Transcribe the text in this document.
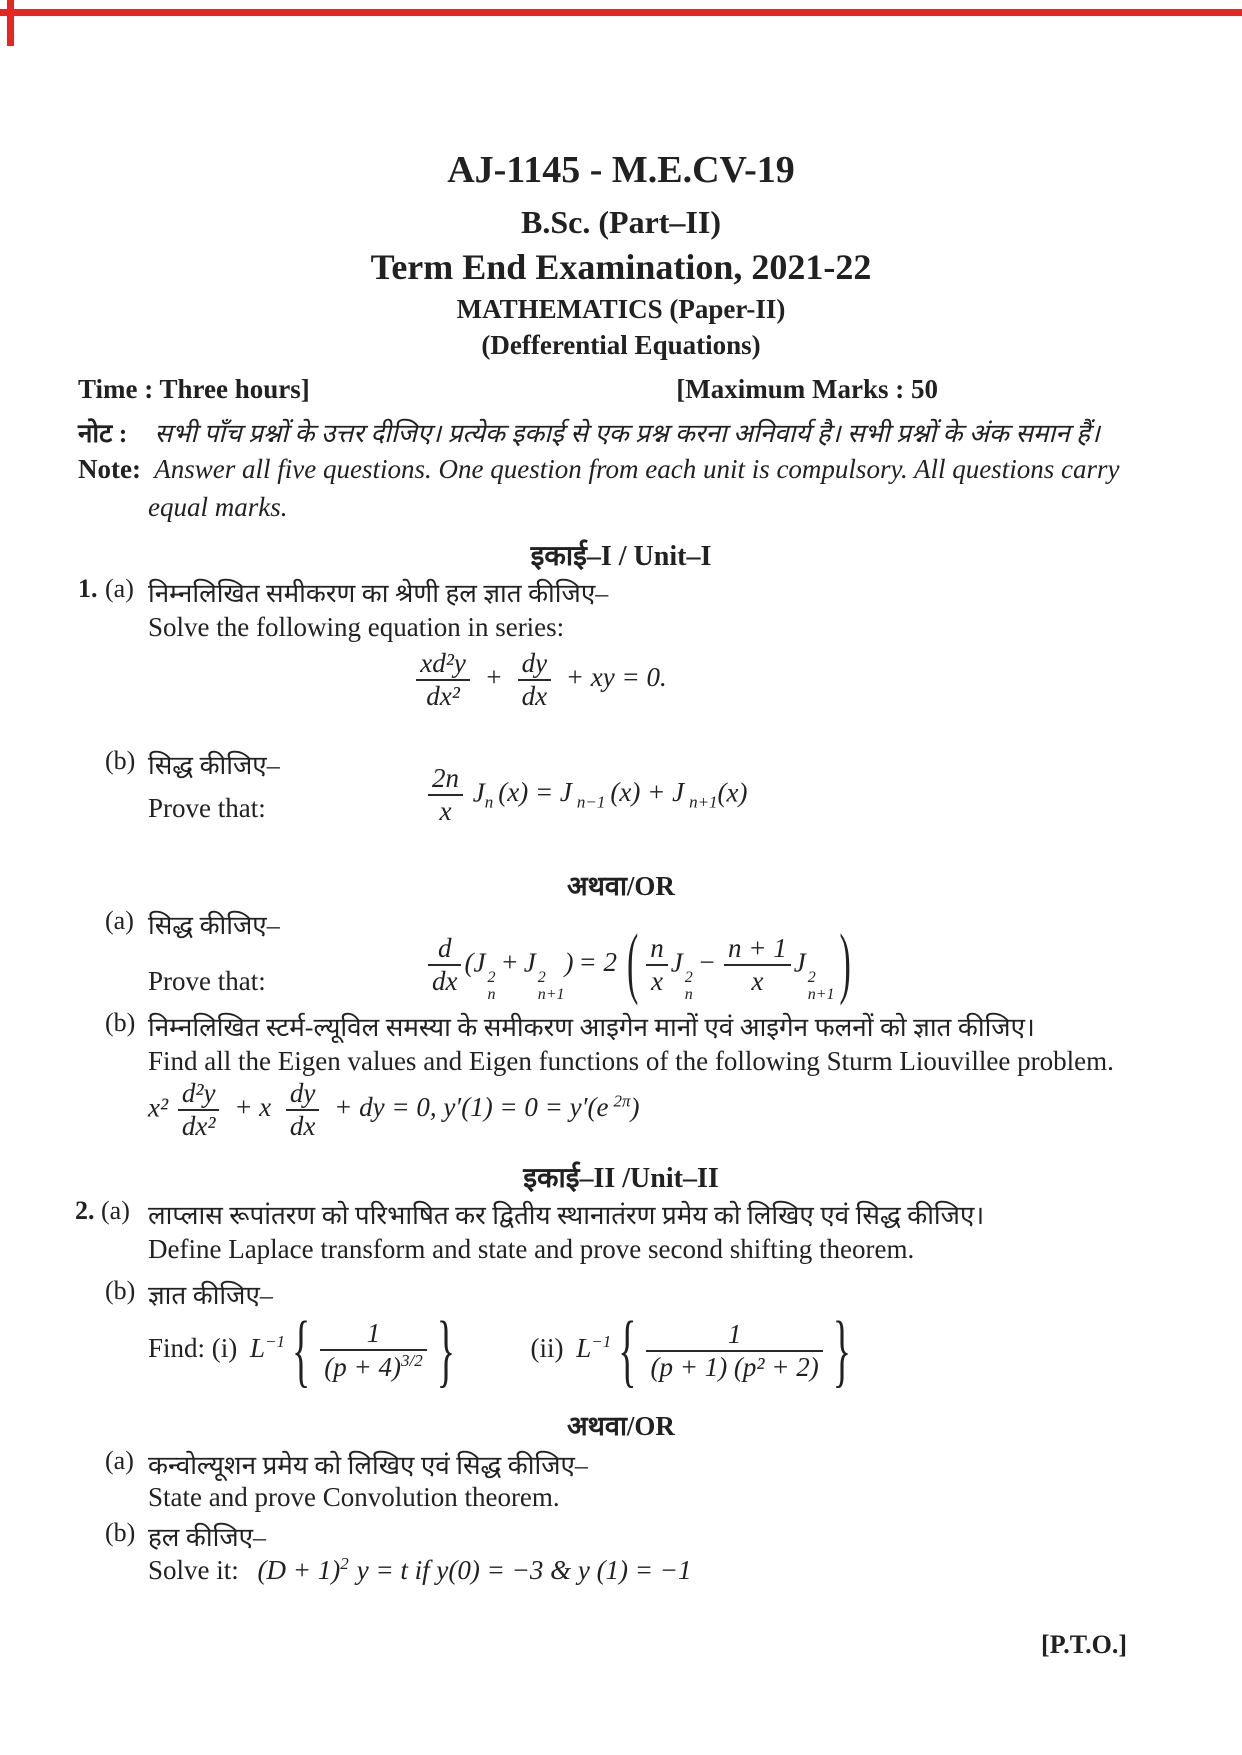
AJ-1145 - M.E.CV-19
B.Sc. (Part–II)
Term End Examination, 2021-22
MATHEMATICS (Paper-II)
(Defferential Equations)
Time : Three hours]	[Maximum Marks : 50
नोट : सभी पाँच प्रश्नों के उत्तर दीजिए। प्रत्येक इकाई से एक प्रश्न करना अनिवार्य है। सभी प्रश्नों के अंक समान हैं।
Note: Answer all five questions. One question from each unit is compulsory. All questions carry
equal marks.
इकाई–I / Unit–I
1. (a) निम्नलिखित समीकरण का श्रेणी हल ज्ञात कीजिए–
Solve the following equation in series:
$\frac{\text{xd²y}}{\text{dx²}} + \frac{dy}{dx}$ + xy = 0.
(b) सिद्ध कीजिए–
Prove that:	$\frac{2n}{x} J_n$ (x) = J $_{n-1}$ (x) + J $_{n+1}$(x)
अथवा/OR
(a) सिद्ध कीजिए–
Prove that:	$\frac{d}{dx} (J$
2
n
+ J
2
n+1
) = 2 ( $\frac{n}{x}$ J
2
n
− $\frac{n + 1}{x}$ J
2
n+1 )
(b) निम्नलिखित स्टर्म-ल्यूविल समस्या के समीकरण आइगेन मानों एवं आइगेन फलनों को ज्ञात कीजिए।
Find all the Eigen values and Eigen functions of the following Sturm Liouvillee problem.
$x^2 \frac{\text{d²y}}{\text{dx²}} + x \frac{dy}{dx}$ + dy = 0, y′(1) = 0 = y′(e $^{2\pi}$)
इकाई–II /Unit–II
2. (a) लाप्लास रूपांतरण को परिभाषित कर द्वितीय स्थानातंरण प्रमेय को लिखिए एवं सिद्ध कीजिए।
Define Laplace transform and state and prove second shifting theorem.
(b) ज्ञात कीजिए–
Find: (i) $L^{-1}$ { $\frac{1}{(p + 4)^{3/2}}$ }	(ii) $L^{-1}$ { $\frac{1}{\text{(p + 1) (p² + 2)}}$ }
अथवा/OR
(a) कन्वोल्यूशन प्रमेय को लिखिए एवं सिद्ध कीजिए–
State and prove Convolution theorem.
(b) हल कीजिए–
Solve it: $(D + 1)^2$ y = t if y(0) = −3 & y (1) = −1
[P.T.O.]
